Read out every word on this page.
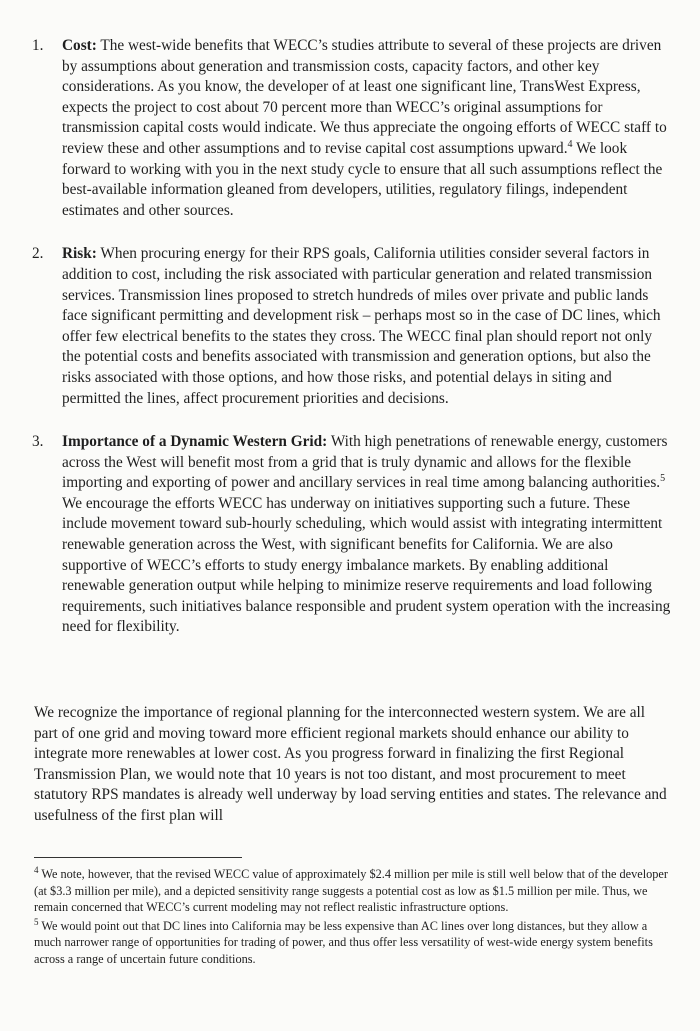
1. Cost: The west-wide benefits that WECC’s studies attribute to several of these projects are driven by assumptions about generation and transmission costs, capacity factors, and other key considerations. As you know, the developer of at least one significant line, TransWest Express, expects the project to cost about 70 percent more than WECC’s original assumptions for transmission capital costs would indicate. We thus appreciate the ongoing efforts of WECC staff to review these and other assumptions and to revise capital cost assumptions upward.$^4$ We look forward to working with you in the next study cycle to ensure that all such assumptions reflect the best-available information gleaned from developers, utilities, regulatory filings, independent estimates and other sources.
2. Risk: When procuring energy for their RPS goals, California utilities consider several factors in addition to cost, including the risk associated with particular generation and related transmission services. Transmission lines proposed to stretch hundreds of miles over private and public lands face significant permitting and development risk – perhaps most so in the case of DC lines, which offer few electrical benefits to the states they cross. The WECC final plan should report not only the potential costs and benefits associated with transmission and generation options, but also the risks associated with those options, and how those risks, and potential delays in siting and permitted the lines, affect procurement priorities and decisions.
3. Importance of a Dynamic Western Grid: With high penetrations of renewable energy, customers across the West will benefit most from a grid that is truly dynamic and allows for the flexible importing and exporting of power and ancillary services in real time among balancing authorities.$^5$ We encourage the efforts WECC has underway on initiatives supporting such a future. These include movement toward sub-hourly scheduling, which would assist with integrating intermittent renewable generation across the West, with significant benefits for California. We are also supportive of WECC’s efforts to study energy imbalance markets. By enabling additional renewable generation output while helping to minimize reserve requirements and load following requirements, such initiatives balance responsible and prudent system operation with the increasing need for flexibility.
We recognize the importance of regional planning for the interconnected western system. We are all part of one grid and moving toward more efficient regional markets should enhance our ability to integrate more renewables at lower cost. As you progress forward in finalizing the first Regional Transmission Plan, we would note that 10 years is not too distant, and most procurement to meet statutory RPS mandates is already well underway by load serving entities and states. The relevance and usefulness of the first plan will
$^4$ We note, however, that the revised WECC value of approximately $2.4 million per mile is still well below that of the developer (at $3.3 million per mile), and a depicted sensitivity range suggests a potential cost as low as $1.5 million per mile. Thus, we remain concerned that WECC’s current modeling may not reflect realistic infrastructure options.
$^5$ We would point out that DC lines into California may be less expensive than AC lines over long distances, but they allow a much narrower range of opportunities for trading of power, and thus offer less versatility of west-wide energy system benefits across a range of uncertain future conditions.
